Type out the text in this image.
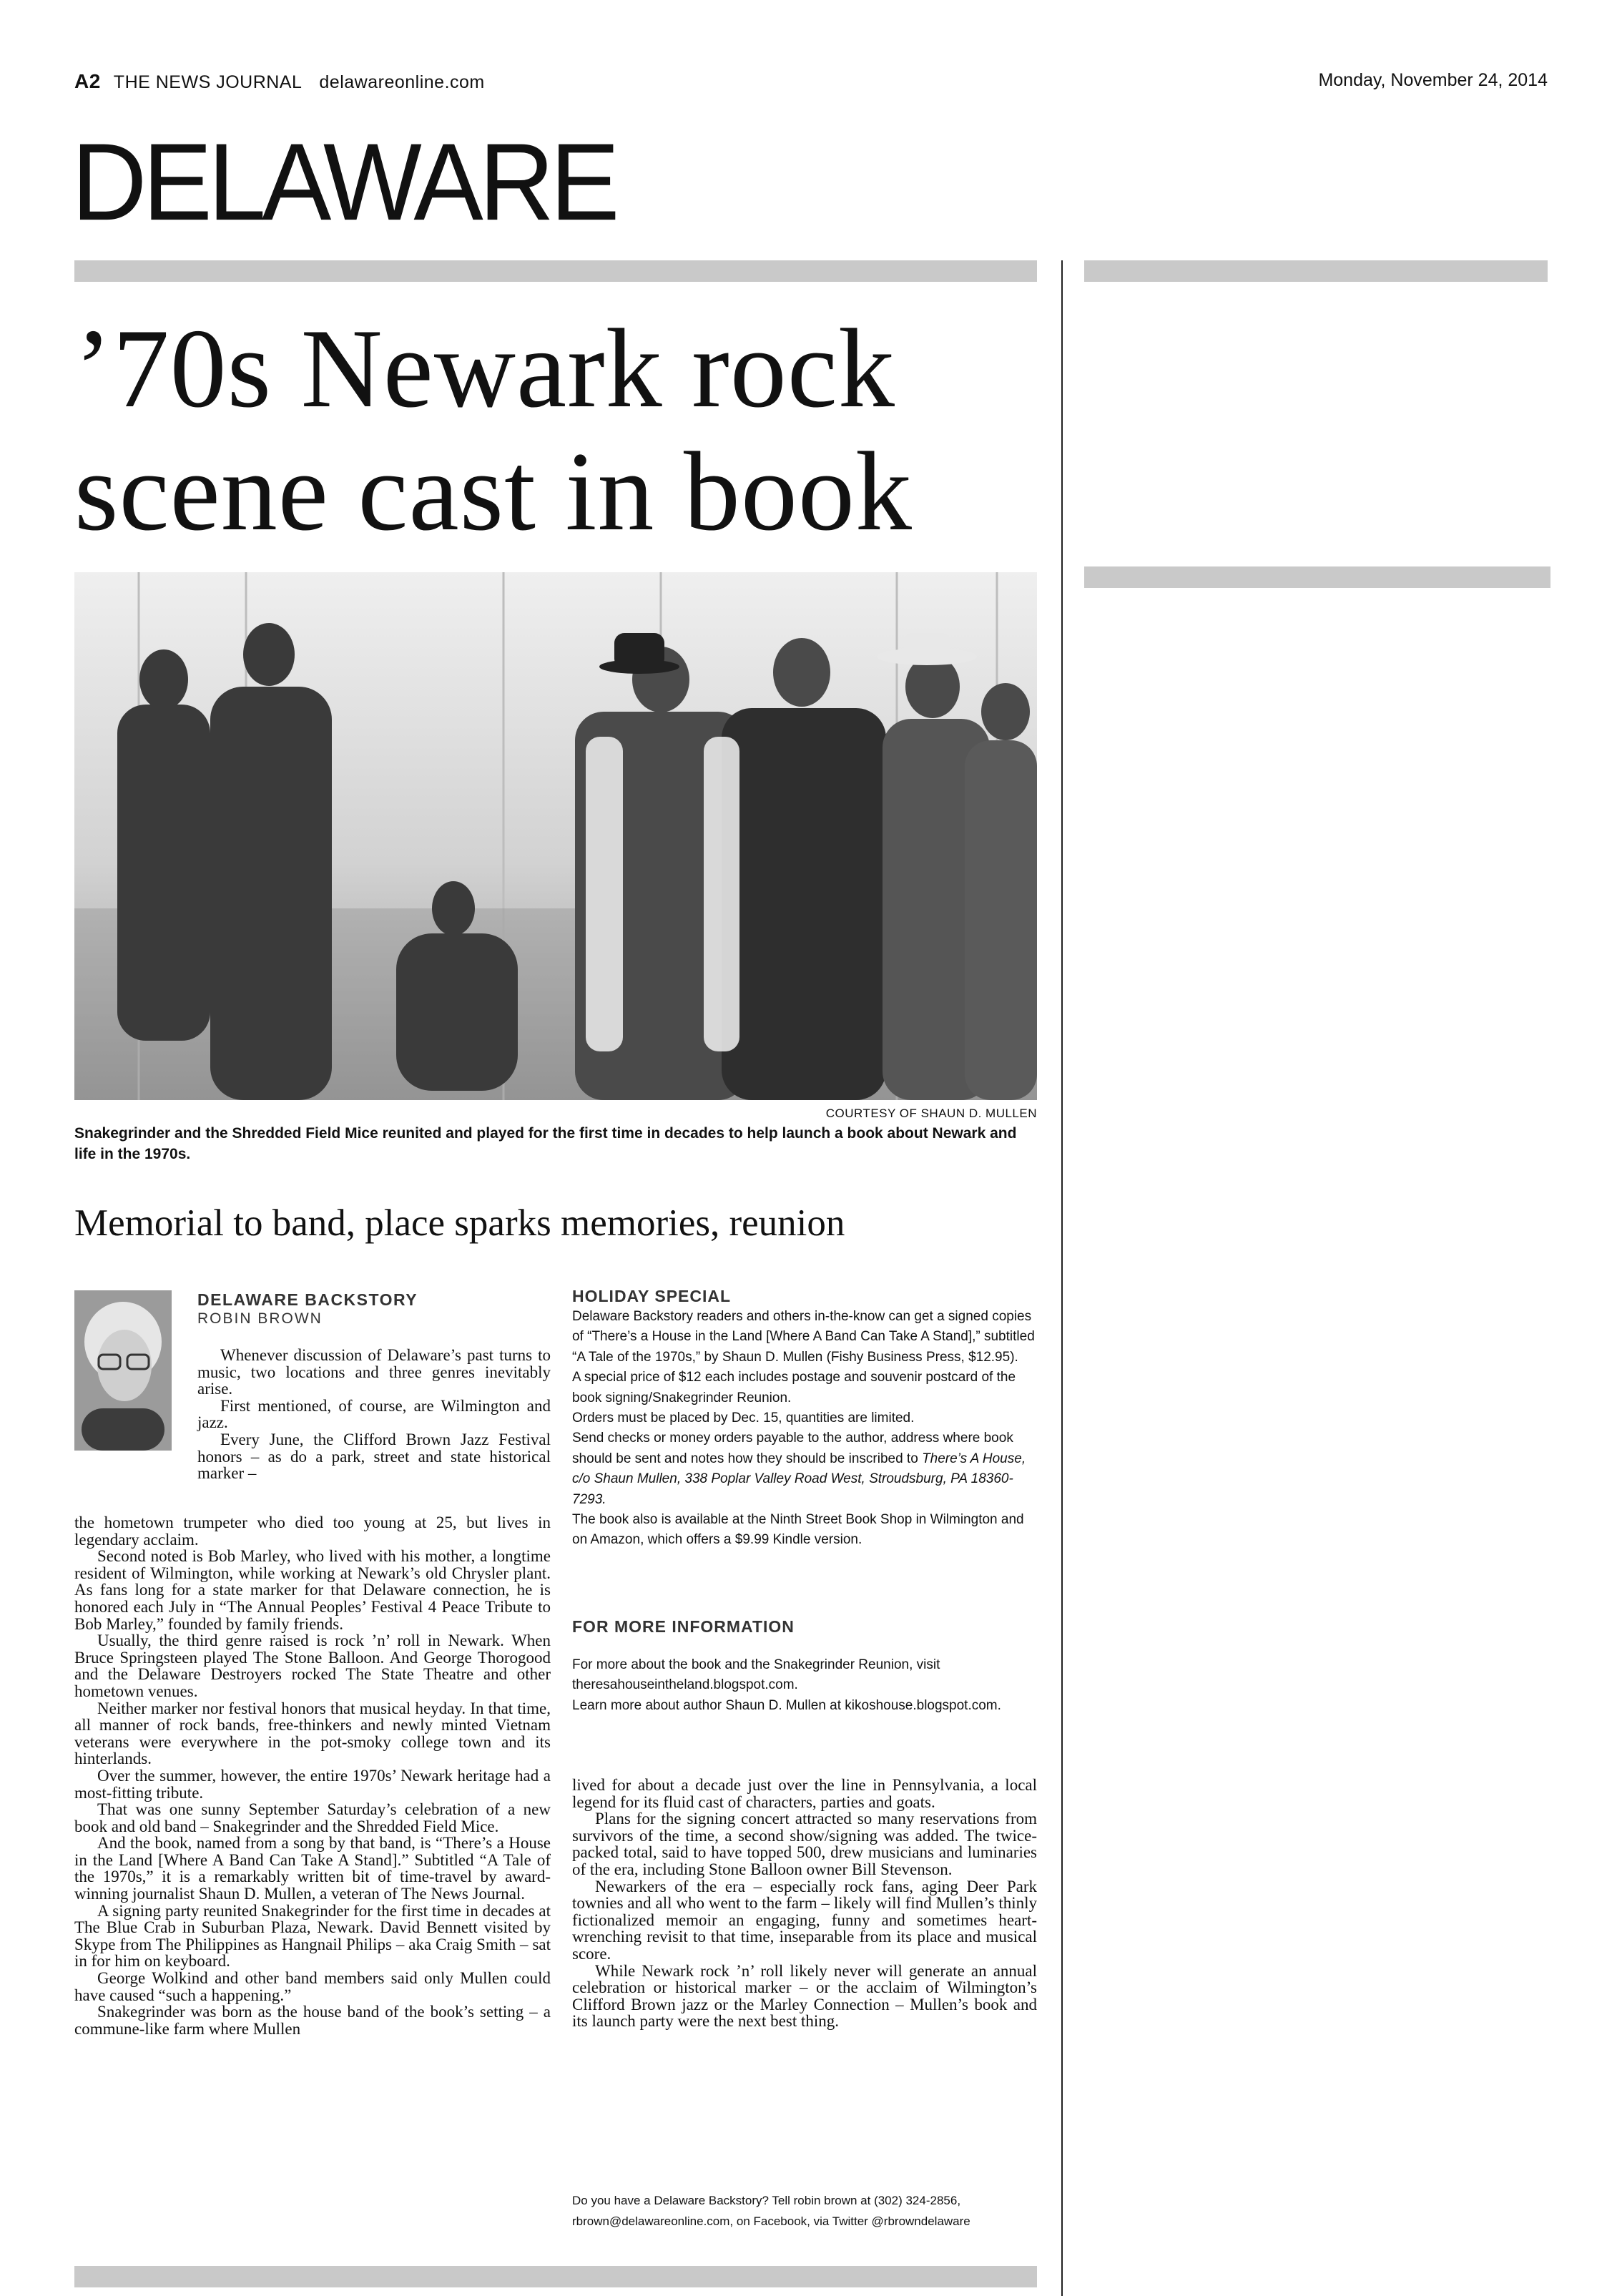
A2 THE NEWS JOURNAL delawareonline.com	Monday, November 24, 2014
DELAWARE
’70s Newark rock
scene cast in book
COURTESY OF SHAUN D. MULLEN
Snakegrinder and the Shredded Field Mice reunited and played for the first time in decades to help launch a book about Newark and life in the 1970s.
Memorial to band, place sparks memories, reunion
DELAWARE BACKSTORY
ROBIN BROWN

Whenever discussion of Delaware’s past turns to music, two locations and three genres inevitably arise.

First mentioned, of course, are Wilmington and jazz.

Every June, the Clifford Brown Jazz Festival honors – as do a park, street and state historical marker –

the hometown trumpeter who died too young at 25, but lives in legendary acclaim.

Second noted is Bob Marley, who lived with his mother, a longtime resident of Wilmington, while working at Newark’s old Chrysler plant. As fans long for a state marker for that Delaware connection, he is honored each July in “The Annual Peoples’ Festival 4 Peace Tribute to Bob Marley,” founded by family friends.

Usually, the third genre raised is rock ’n’ roll in Newark. When Bruce Springsteen played The Stone Balloon. And George Thorogood and the Delaware Destroyers rocked The State Theatre and other hometown venues.

Neither marker nor festival honors that musical heyday. In that time, all manner of rock bands, free-thinkers and newly minted Vietnam veterans were everywhere in the pot-smoky college town and its hinterlands.

Over the summer, however, the entire 1970s’ Newark heritage had a most-fitting tribute.

That was one sunny September Saturday’s celebration of a new book and old band – Snakegrinder and the Shredded Field Mice.

And the book, named from a song by that band, is “There’s a House in the Land [Where A Band Can Take A Stand].” Subtitled “A Tale of the 1970s,” it is a remarkably written bit of time-travel by award-winning journalist Shaun D. Mullen, a veteran of The News Journal.

A signing party reunited Snakegrinder for the first time in decades at The Blue Crab in Suburban Plaza, Newark. David Bennett visited by Skype from The Philippines as Hangnail Philips – aka Craig Smith – sat in for him on keyboard.

George Wolkind and other band members said only Mullen could have caused “such a happening.”

Snakegrinder was born as the house band of the book’s setting – a commune-like farm where Mullen

HOLIDAY SPECIAL

Delaware Backstory readers and others in-the-know can get a signed copies of “There’s a House in the Land [Where A Band Can Take A Stand],” subtitled “A Tale of the 1970s,” by Shaun D. Mullen (Fishy Business Press, $12.95).

A special price of $12 each includes postage and souvenir postcard of the book signing/Snakegrinder Reunion.

Orders must be placed by Dec. 15, quantities are limited.

Send checks or money orders payable to the author, address where book should be sent and notes how they should be inscribed to There’s A House, c/o Shaun Mullen, 338 Poplar Valley Road West, Stroudsburg, PA 18360-7293.

The book also is available at the Ninth Street Book Shop in Wilmington and on Amazon, which offers a $9.99 Kindle version.

FOR MORE INFORMATION

For more about the book and the Snakegrinder Reunion, visit theresahouseintheland.blogspot.com.

Learn more about author Shaun D. Mullen at kikoshouse.blogspot.com.

lived for about a decade just over the line in Pennsylvania, a local legend for its fluid cast of characters, parties and goats.

Plans for the signing concert attracted so many reservations from survivors of the time, a second show/signing was added. The twice-packed total, said to have topped 500, drew musicians and luminaries of the era, including Stone Balloon owner Bill Stevenson.

Newarkers of the era – especially rock fans, aging Deer Park townies and all who went to the farm – likely will find Mullen’s thinly fictionalized memoir an engaging, funny and sometimes heart-wrenching revisit to that time, inseparable from its place and musical score.

While Newark rock ’n’ roll likely never will generate an annual celebration or historical marker – or the acclaim of Wilmington’s Clifford Brown jazz or the Marley Connection – Mullen’s book and its launch party were the next best thing.

Do you have a Delaware Backstory? Tell robin brown at (302) 324-2856, rbrown@delawareonline.com, on Facebook, via Twitter @rbrowndelaware
